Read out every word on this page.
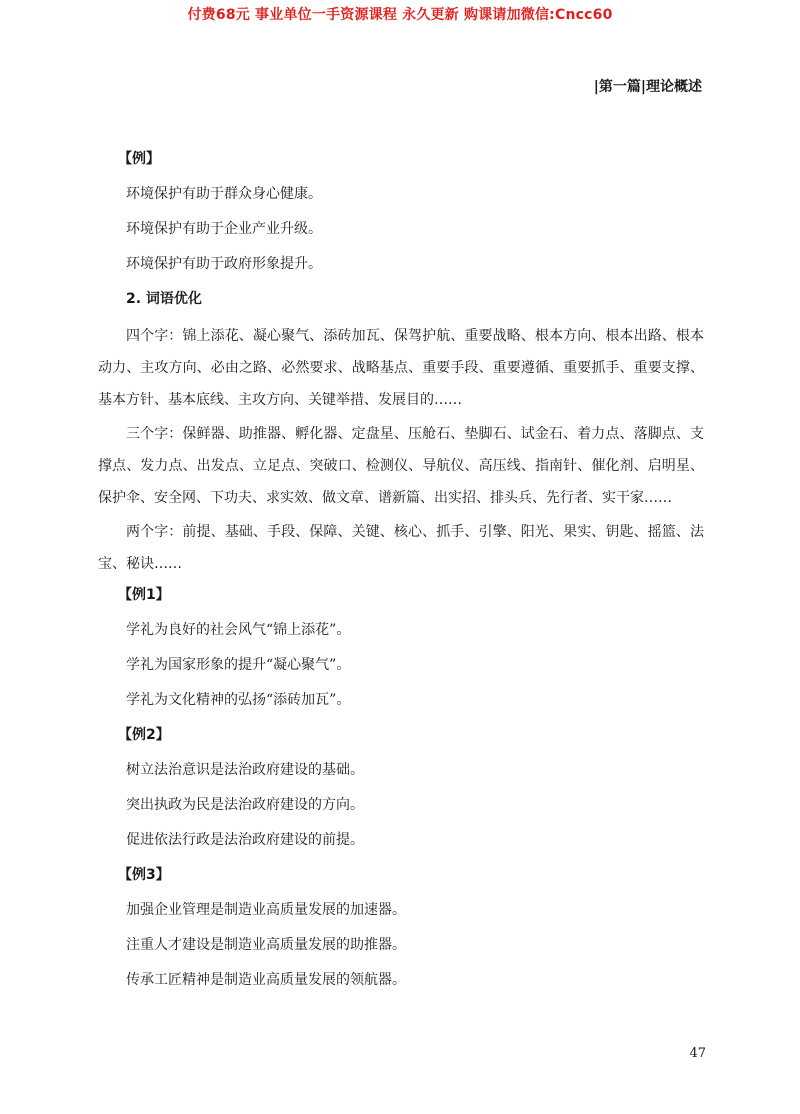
付费68元 事业单位一手资源课程 永久更新 购课请加微信:Cncc60
|第一篇|理论概述
【例】
环境保护有助于群众身心健康。
环境保护有助于企业产业升级。
环境保护有助于政府形象提升。
2. 词语优化

四个字：锦上添花、凝心聚气、添砖加瓦、保驾护航、重要战略、根本方向、根本出路、根本动力、主攻方向、必由之路、必然要求、战略基点、重要手段、重要遵循、重要抓手、重要支撑、基本方针、基本底线、主攻方向、关键举措、发展目的……

三个字：保鲜器、助推器、孵化器、定盘星、压舱石、垫脚石、试金石、着力点、落脚点、支撑点、发力点、出发点、立足点、突破口、检测仪、导航仪、高压线、指南针、催化剂、启明星、保护伞、安全网、下功夫、求实效、做文章、谱新篇、出实招、排头兵、先行者、实干家……

两个字：前提、基础、手段、保障、关键、核心、抓手、引擎、阳光、果实、钥匙、摇篮、法宝、秘诀……

【例1】
学礼为良好的社会风气“锦上添花”。
学礼为国家形象的提升“凝心聚气”。
学礼为文化精神的弘扬“添砖加瓦”。
【例2】
树立法治意识是法治政府建设的基础。
突出执政为民是法治政府建设的方向。
促进依法行政是法治政府建设的前提。
【例3】
加强企业管理是制造业高质量发展的加速器。
注重人才建设是制造业高质量发展的助推器。
传承工匠精神是制造业高质量发展的领航器。
47
